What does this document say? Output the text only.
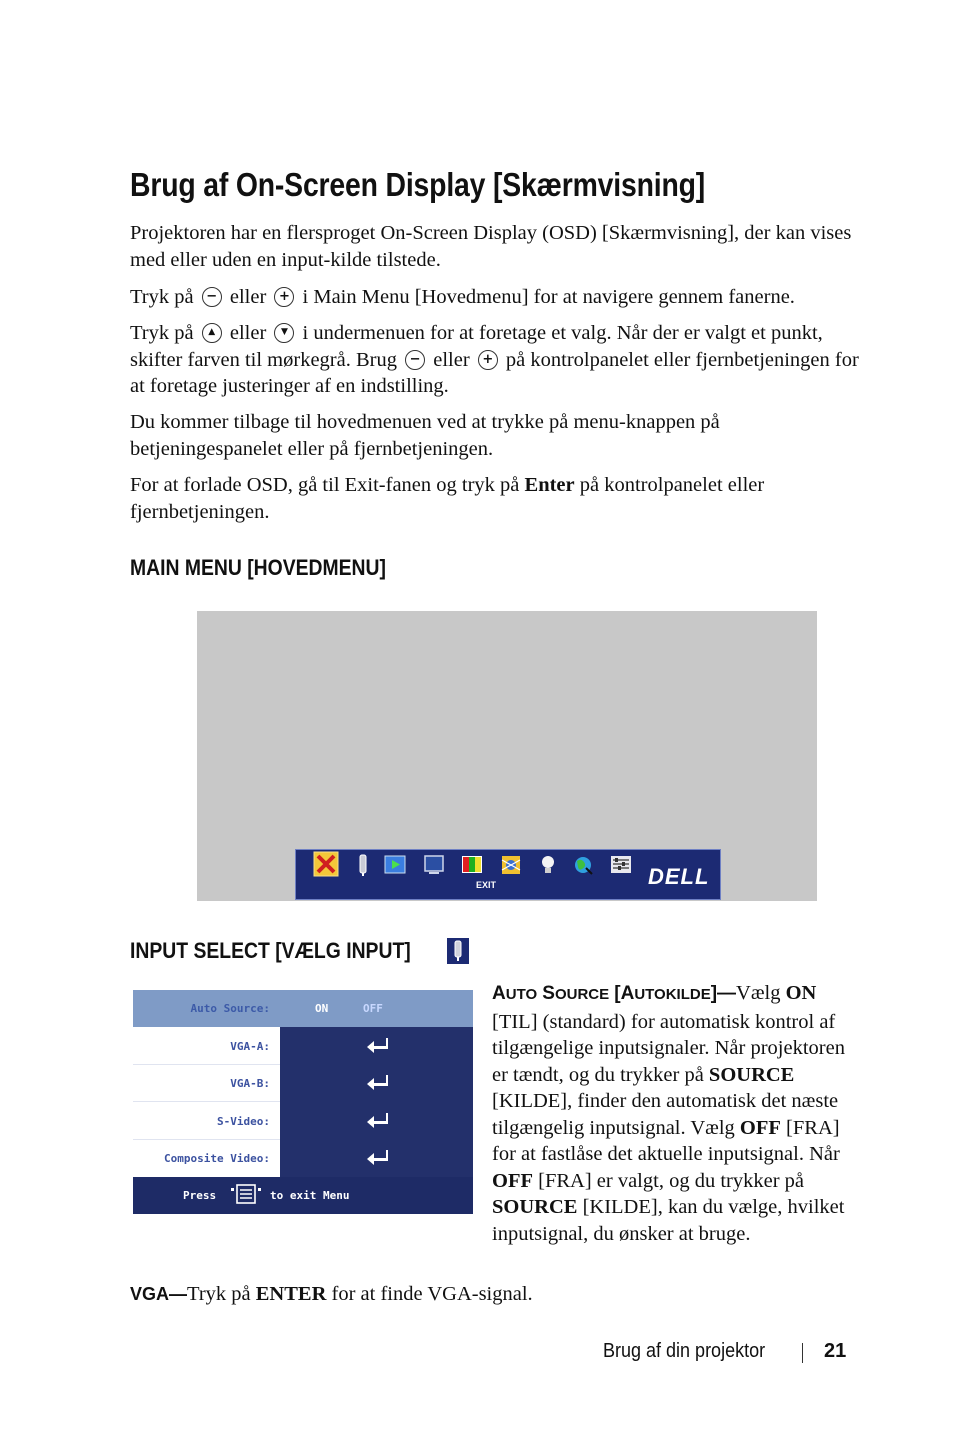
Brug af On-Screen Display [Skærmvisning]

Projektoren har en flersproget On-Screen Display (OSD) [Skærmvisning], der kan vises med eller uden en input-kilde tilstede.

Tryk på − eller + i Main Menu [Hovedmenu] for at navigere gennem fanerne.

Tryk på	▲ eller	▼ i undermenuen for at foretage et valg. Når der er valgt et punkt, skifter farven til mørkegrå. Brug − eller + på kontrolpanelet eller fjernbetjeningen for at foretage justeringer af en indstilling.

Du kommer tilbage til hovedmenuen ved at trykke på menu-knappen på betjeningespanelet eller på fjernbetjeningen.

For at forlade OSD, gå til Exit-fanen og tryk på Enter på kontrolpanelet eller fjernbetjeningen.

MAIN MENU [HOVEDMENU]
EXIT	DELL
INPUT SELECT [VÆLG INPUT]
Auto Source:	ON	OFF
VGA-A:
VGA-B:
S-Video:
Composite Video:
Press	to exit Menu

AUTO SOURCE [AUTOKILDE]—Vælg ON [TIL] (standard) for automatisk kontrol af tilgængelige inputsignaler. Når projektoren er tændt, og du trykker på SOURCE [KILDE], finder den automatisk det næste tilgængelig inputsignal. Vælg OFF [FRA] for at fastlåse det aktuelle inputsignal. Når OFF [FRA] er valgt, og du trykker på SOURCE [KILDE], kan du vælge, hvilket inputsignal, du ønsker at bruge.

VGA—Tryk på ENTER for at finde VGA-signal.

Brug af din projektor	21
